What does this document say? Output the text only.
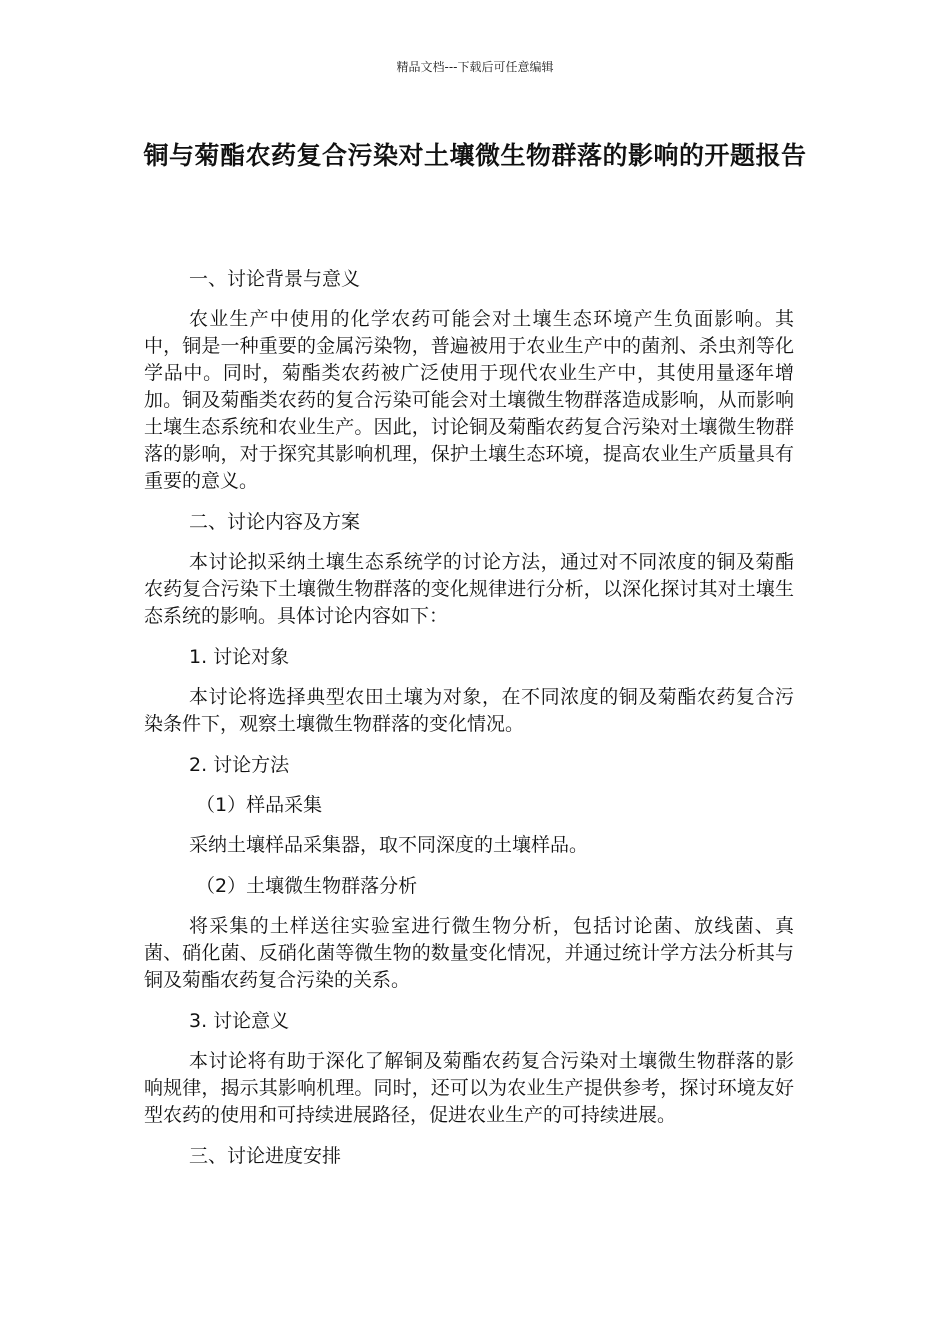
精品文档---下载后可任意编辑
铜与菊酯农药复合污染对土壤微生物群落的影响的开题报告

一、讨论背景与意义

农业生产中使用的化学农药可能会对土壤生态环境产生负面影响。其中，铜是一种重要的金属污染物，普遍被用于农业生产中的菌剂、杀虫剂等化学品中。同时，菊酯类农药被广泛使用于现代农业生产中，其使用量逐年增加。铜及菊酯类农药的复合污染可能会对土壤微生物群落造成影响，从而影响土壤生态系统和农业生产。因此，讨论铜及菊酯农药复合污染对土壤微生物群落的影响，对于探究其影响机理，保护土壤生态环境，提高农业生产质量具有重要的意义。

二、讨论内容及方案

本讨论拟采纳土壤生态系统学的讨论方法，通过对不同浓度的铜及菊酯农药复合污染下土壤微生物群落的变化规律进行分析，以深化探讨其对土壤生态系统的影响。具体讨论内容如下：

1. 讨论对象

本讨论将选择典型农田土壤为对象，在不同浓度的铜及菊酯农药复合污染条件下，观察土壤微生物群落的变化情况。

2. 讨论方法

（1）样品采集

采纳土壤样品采集器，取不同深度的土壤样品。

（2）土壤微生物群落分析

将采集的土样送往实验室进行微生物分析，包括讨论菌、放线菌、真菌、硝化菌、反硝化菌等微生物的数量变化情况，并通过统计学方法分析其与铜及菊酯农药复合污染的关系。

3. 讨论意义

本讨论将有助于深化了解铜及菊酯农药复合污染对土壤微生物群落的影响规律，揭示其影响机理。同时，还可以为农业生产提供参考，探讨环境友好型农药的使用和可持续进展路径，促进农业生产的可持续进展。

三、讨论进度安排
